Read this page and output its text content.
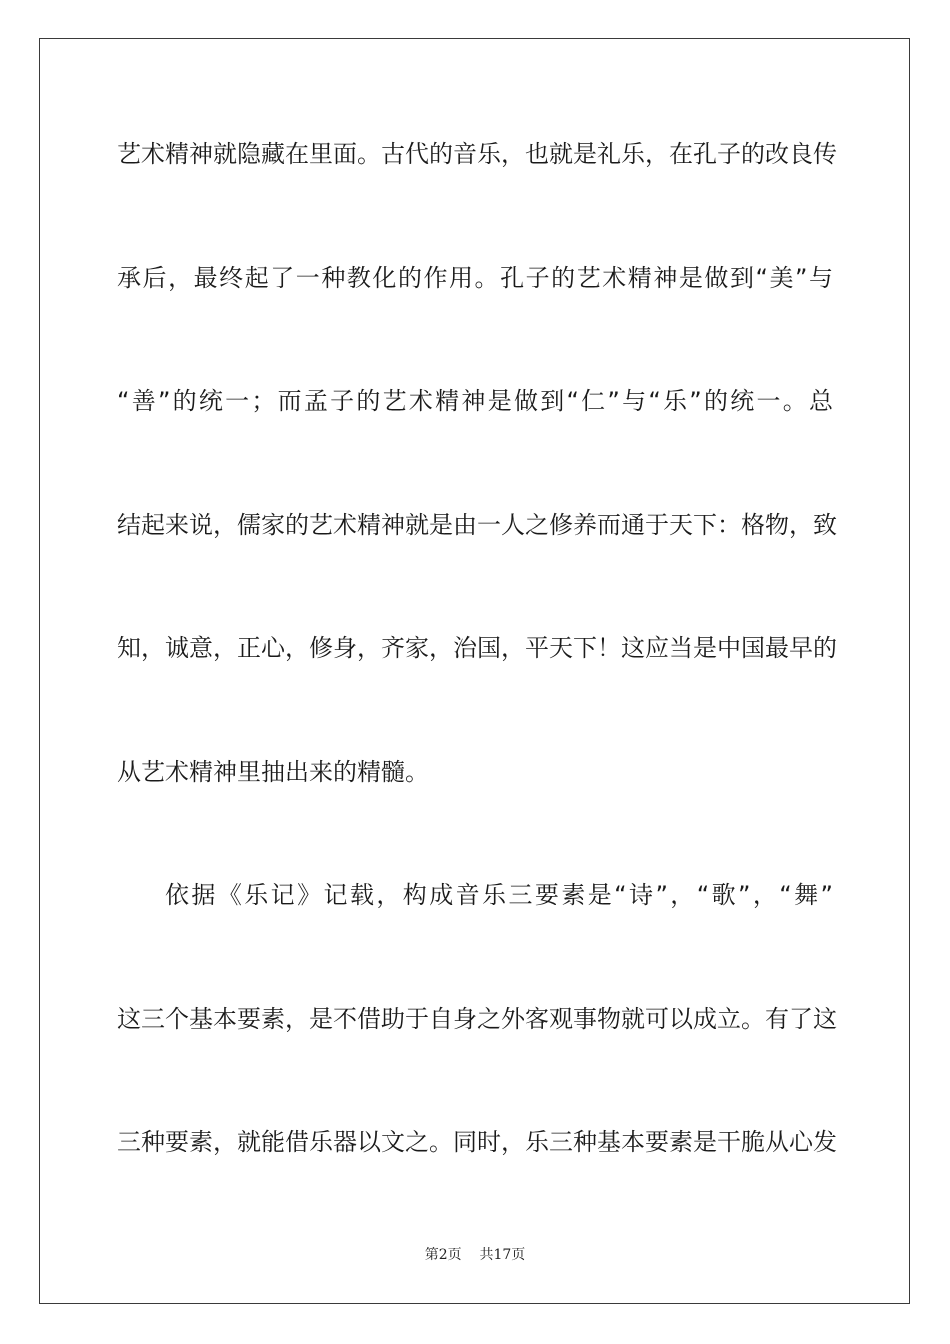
艺术精神就隐藏在里面。古代的音乐，也就是礼乐，在孔子的改良传
承后，最终起了一种教化的作用。孔子的艺术精神是做到“美”与
“善”的统一；而孟子的艺术精神是做到“仁”与“乐”的统一。总
结起来说，儒家的艺术精神就是由一人之修养而通于天下：格物，致
知，诚意，正心，修身，齐家，治国，平天下！这应当是中国最早的
从艺术精神里抽出来的精髓。
依据《乐记》记载，构成音乐三要素是“诗”，“歌”，“舞”
这三个基本要素，是不借助于自身之外客观事物就可以成立。有了这
三种要素，就能借乐器以文之。同时，乐三种基本要素是干脆从心发
第2页 共17页
